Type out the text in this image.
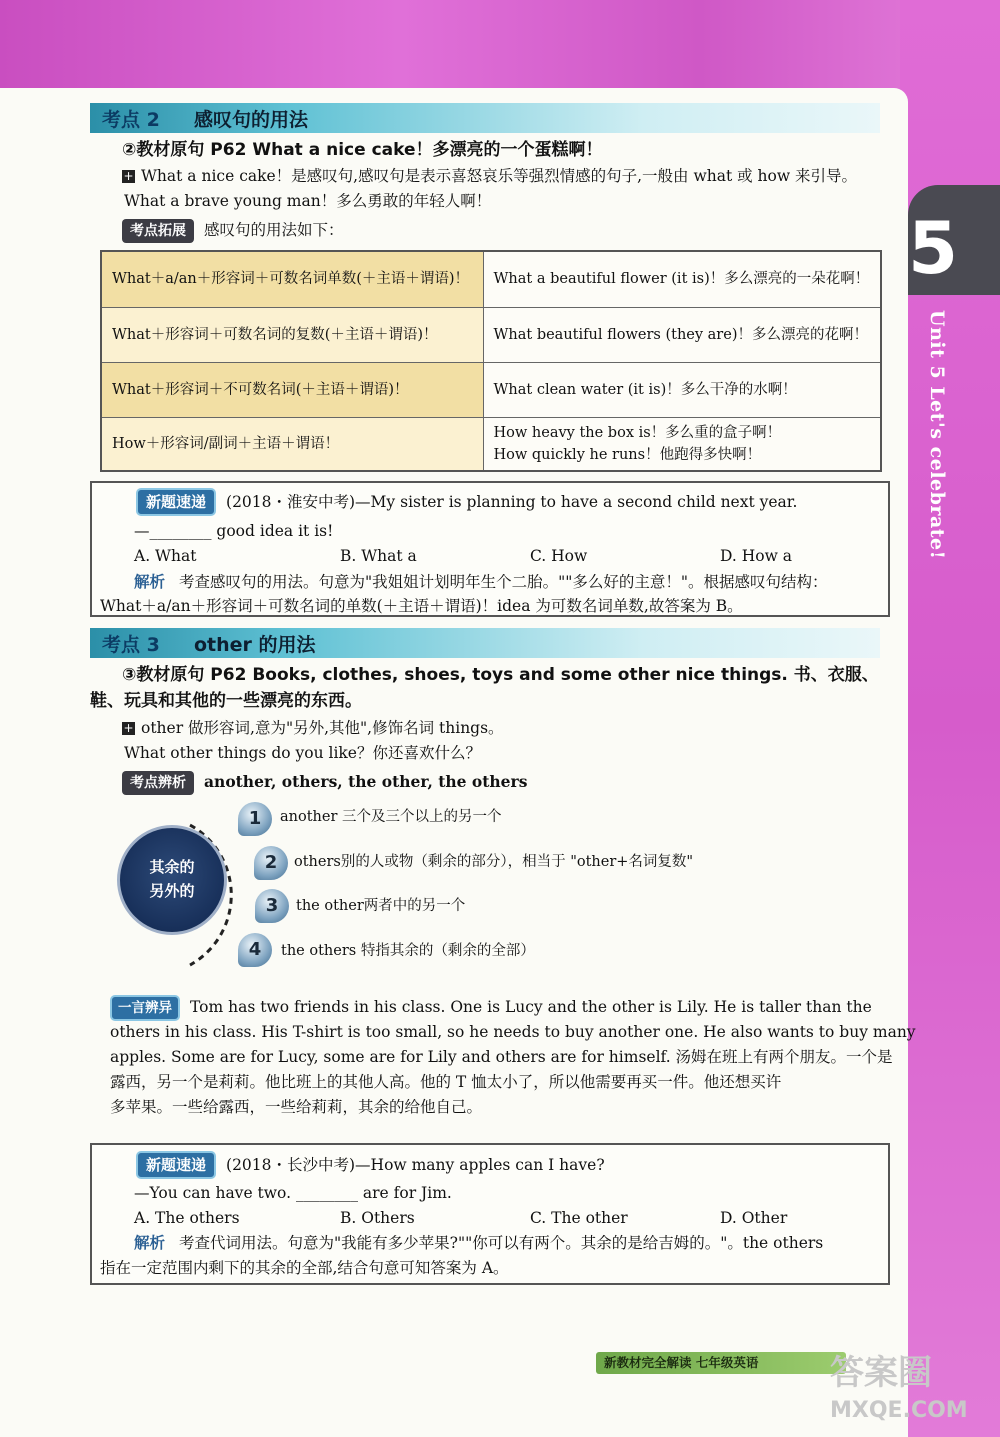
5
Unit 5 Let's celebrate!
考点 2	感叹句的用法
②教材原句 P62 What a nice cake！多漂亮的一个蛋糕啊！
+ What a nice cake！是感叹句,感叹句是表示喜怒哀乐等强烈情感的句子,一般由 what 或 how 来引导。
What a brave young man！多么勇敢的年轻人啊！
考点拓展 感叹句的用法如下：
What＋a/an＋形容词＋可数名词单数(＋主语＋谓语)！	What a beautiful flower (it is)！多么漂亮的一朵花啊！
What＋形容词＋可数名词的复数(＋主语＋谓语)！	What beautiful flowers (they are)！多么漂亮的花啊！
What＋形容词＋不可数名词(＋主语＋谓语)！	What clean water (it is)！多么干净的水啊！
How＋形容词/副词＋主语＋谓语！	How heavy the box is！多么重的盒子啊！
How quickly he runs！他跑得多快啊！
新题速递 (2018・淮安中考)—My sister is planning to have a second child next year.
—________ good idea it is!
A. What	B. What a	C. How	D. How a
解析 考查感叹句的用法。句意为"我姐姐计划明年生个二胎。""多么好的主意！"。根据感叹句结构：
What＋a/an＋形容词＋可数名词的单数(＋主语＋谓语)！idea 为可数名词单数,故答案为 B。
考点 3	other 的用法
③教材原句 P62 Books, clothes, shoes, toys and some other nice things. 书、衣服、
鞋、玩具和其他的一些漂亮的东西。
+ other 做形容词,意为"另外,其他",修饰名词 things。
What other things do you like？你还喜欢什么？
考点辨析 another, others, the other, the others
其余的
另外的
1	another 三个及三个以上的另一个
2	others别的人或物（剩余的部分），相当于 "other+名词复数"
3	the other两者中的另一个
4	the others 特指其余的（剩余的全部）
一言辨异 Tom has two friends in his class. One is Lucy and the other is Lily. He is taller than the
others in his class. His T-shirt is too small, so he needs to buy another one. He also wants to buy many
apples. Some are for Lucy, some are for Lily and others are for himself. 汤姆在班上有两个朋友。一个是
露西，另一个是莉莉。他比班上的其他人高。他的 T 恤太小了，所以他需要再买一件。他还想买许
多苹果。一些给露西，一些给莉莉，其余的给他自己。
新题速递 (2018・长沙中考)—How many apples can I have?
—You can have two. ________ are for Jim.
A. The others	B. Others	C. The other	D. Other
解析 考查代词用法。句意为"我能有多少苹果?""你可以有两个。其余的是给吉姆的。"。the others
指在一定范围内剩下的其余的全部,结合句意可知答案为 A。
新教材完全解读 七年级英语	答案圈
MXQE.COM
